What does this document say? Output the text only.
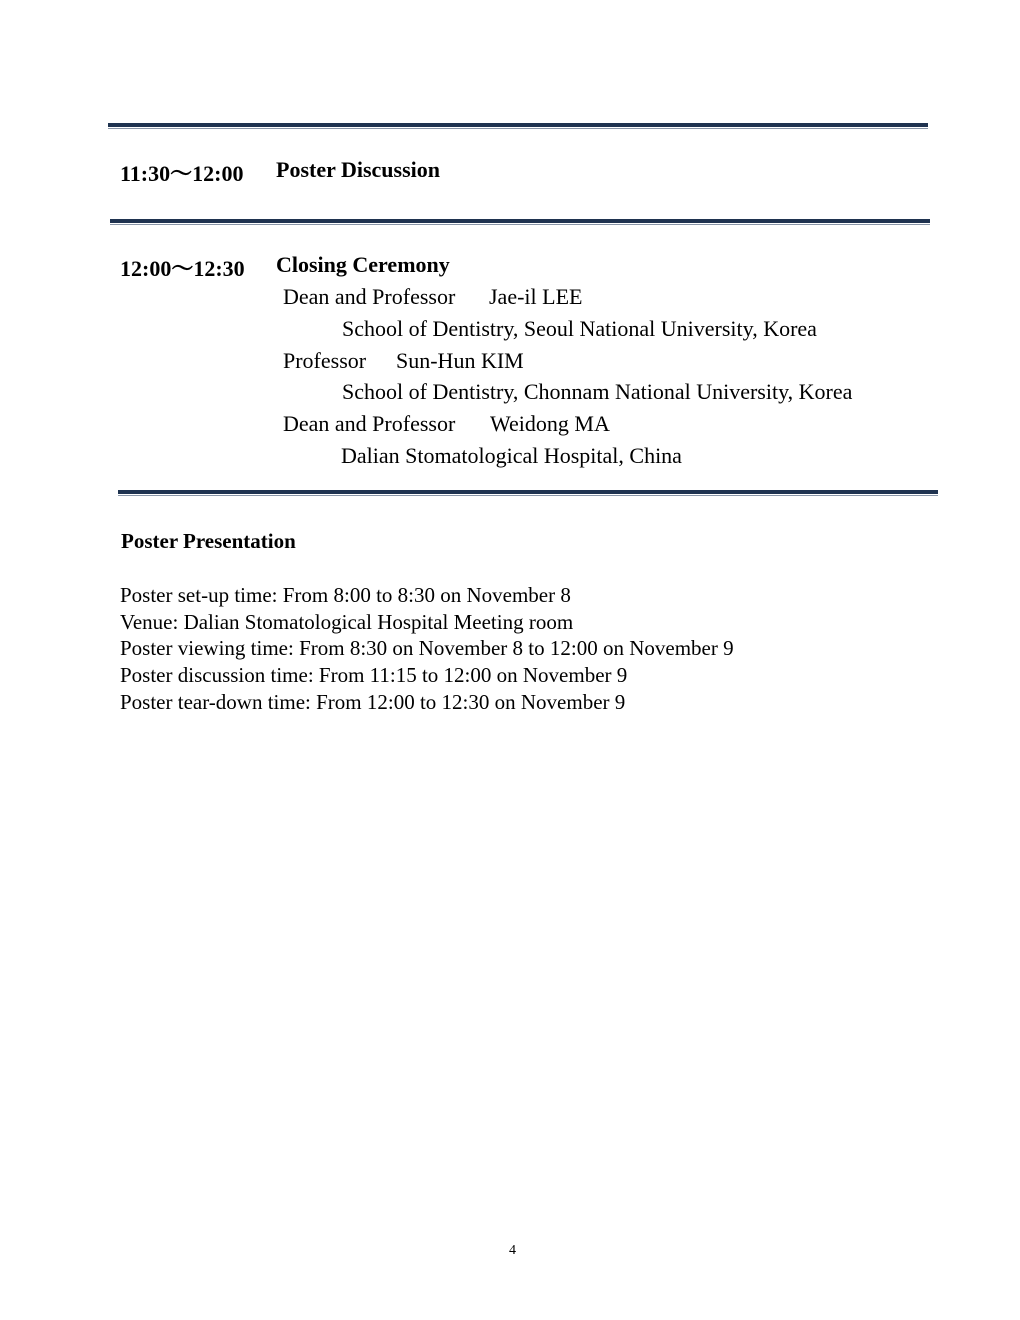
11:30～12:00 Poster Discussion
12:00～12:30 Closing Ceremony
Dean and Professor Jae-il LEE
School of Dentistry, Seoul National University, Korea
Professor Sun-Hun KIM
School of Dentistry, Chonnam National University, Korea
Dean and Professor Weidong MA
Dalian Stomatological Hospital, China
Poster Presentation
Poster set-up time: From 8:00 to 8:30 on November 8
Venue: Dalian Stomatological Hospital Meeting room
Poster viewing time: From 8:30 on November 8 to 12:00 on November 9
Poster discussion time: From 11:15 to 12:00 on November 9
Poster tear-down time: From 12:00 to 12:30 on November 9
4
